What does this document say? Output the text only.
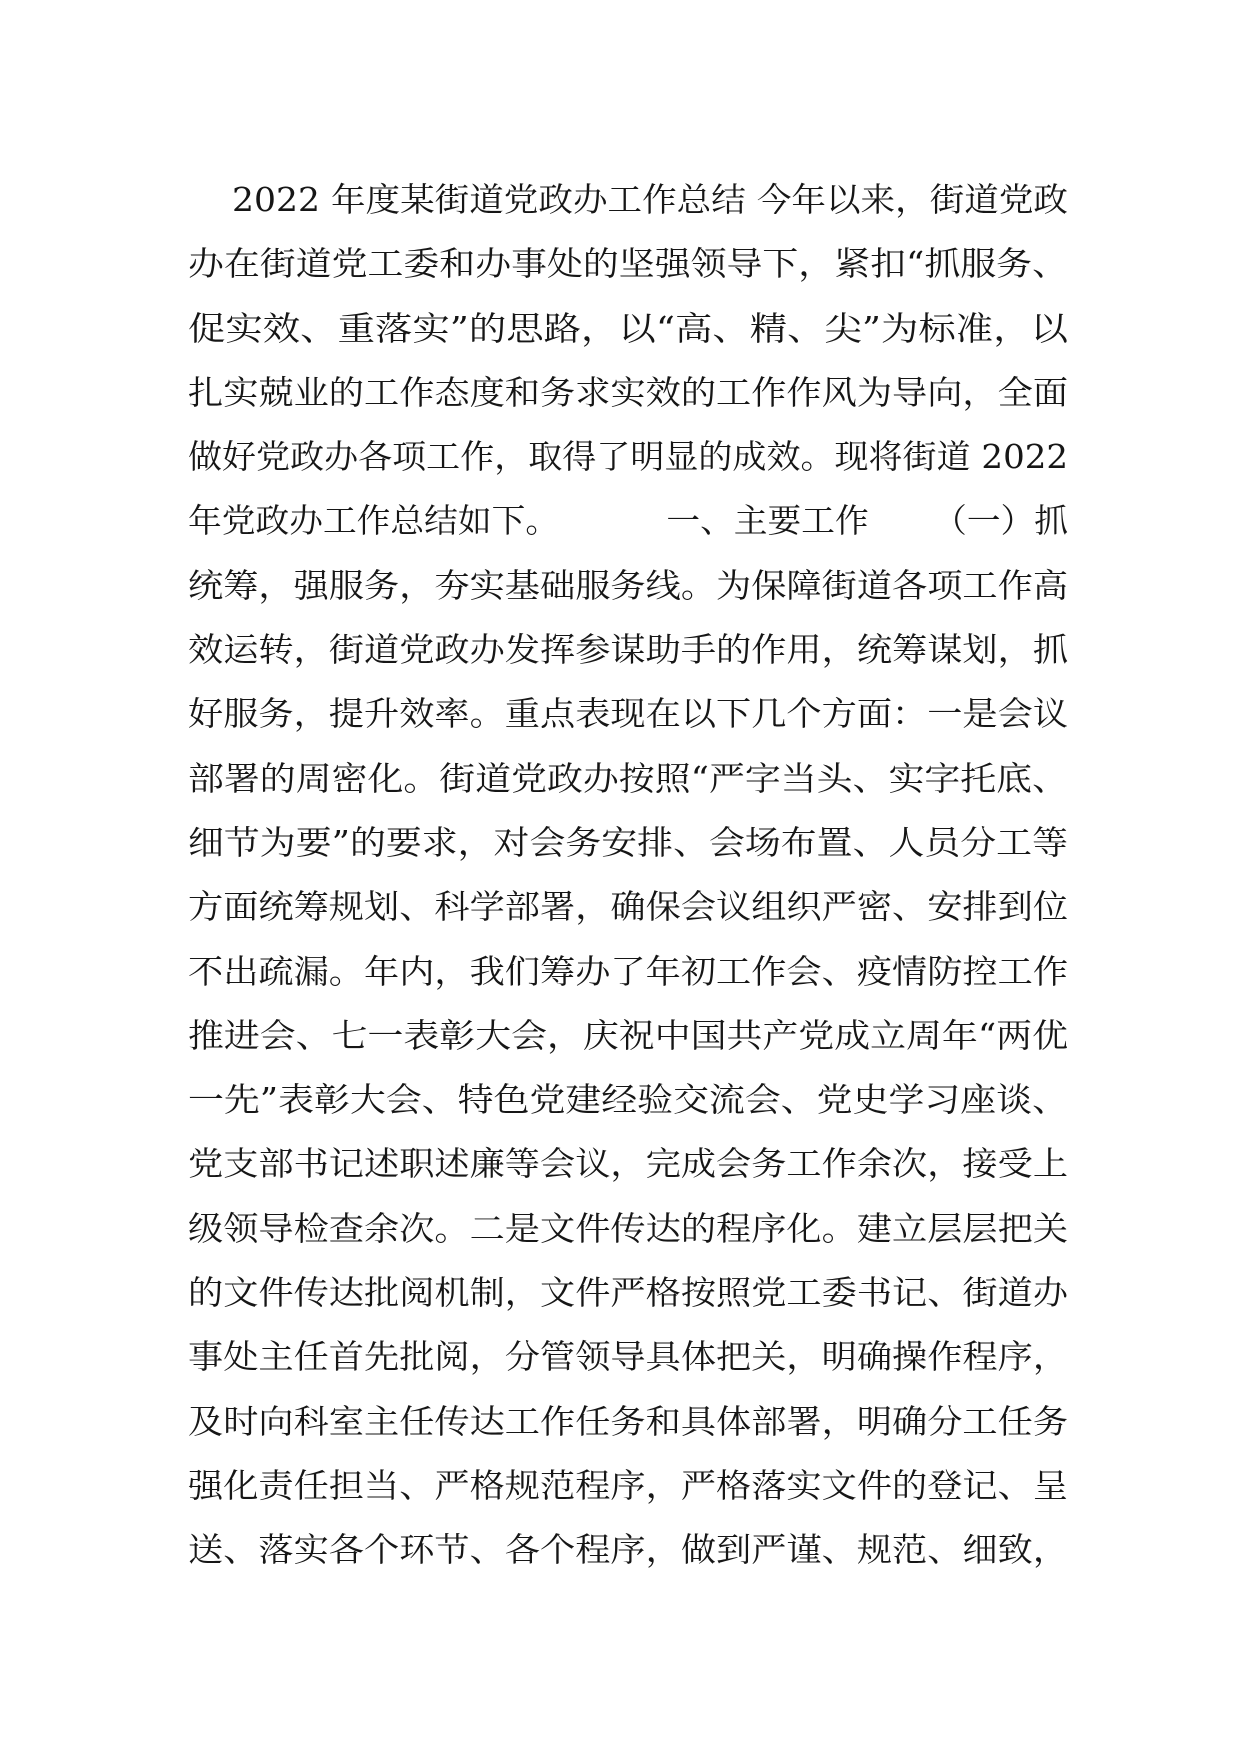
2022 年度某街道党政办工作总结 今年以来，街道党政
办在街道党工委和办事处的坚强领导下，紧扣“抓服务、
促实效、重落实”的思路，以“高、精、尖”为标准，以
扎实兢业的工作态度和务求实效的工作作风为导向，全面
做好党政办各项工作，取得了明显的成效。现将街道 2022
年党政办工作总结如下。          一、主要工作      （一）抓
统筹，强服务，夯实基础服务线。为保障街道各项工作高
效运转，街道党政办发挥参谋助手的作用，统筹谋划，抓
好服务，提升效率。重点表现在以下几个方面：一是会议
部署的周密化。街道党政办按照“严字当头、实字托底、
细节为要”的要求，对会务安排、会场布置、人员分工等
方面统筹规划、科学部署，确保会议组织严密、安排到位
不出疏漏。年内，我们筹办了年初工作会、疫情防控工作
推进会、七一表彰大会，庆祝中国共产党成立周年“两优
一先”表彰大会、特色党建经验交流会、党史学习座谈、
党支部书记述职述廉等会议，完成会务工作余次，接受上
级领导检查余次。二是文件传达的程序化。建立层层把关
的文件传达批阅机制，文件严格按照党工委书记、街道办
事处主任首先批阅，分管领导具体把关，明确操作程序，
及时向科室主任传达工作任务和具体部署，明确分工任务
强化责任担当、严格规范程序，严格落实文件的登记、呈
送、落实各个环节、各个程序，做到严谨、规范、细致，
